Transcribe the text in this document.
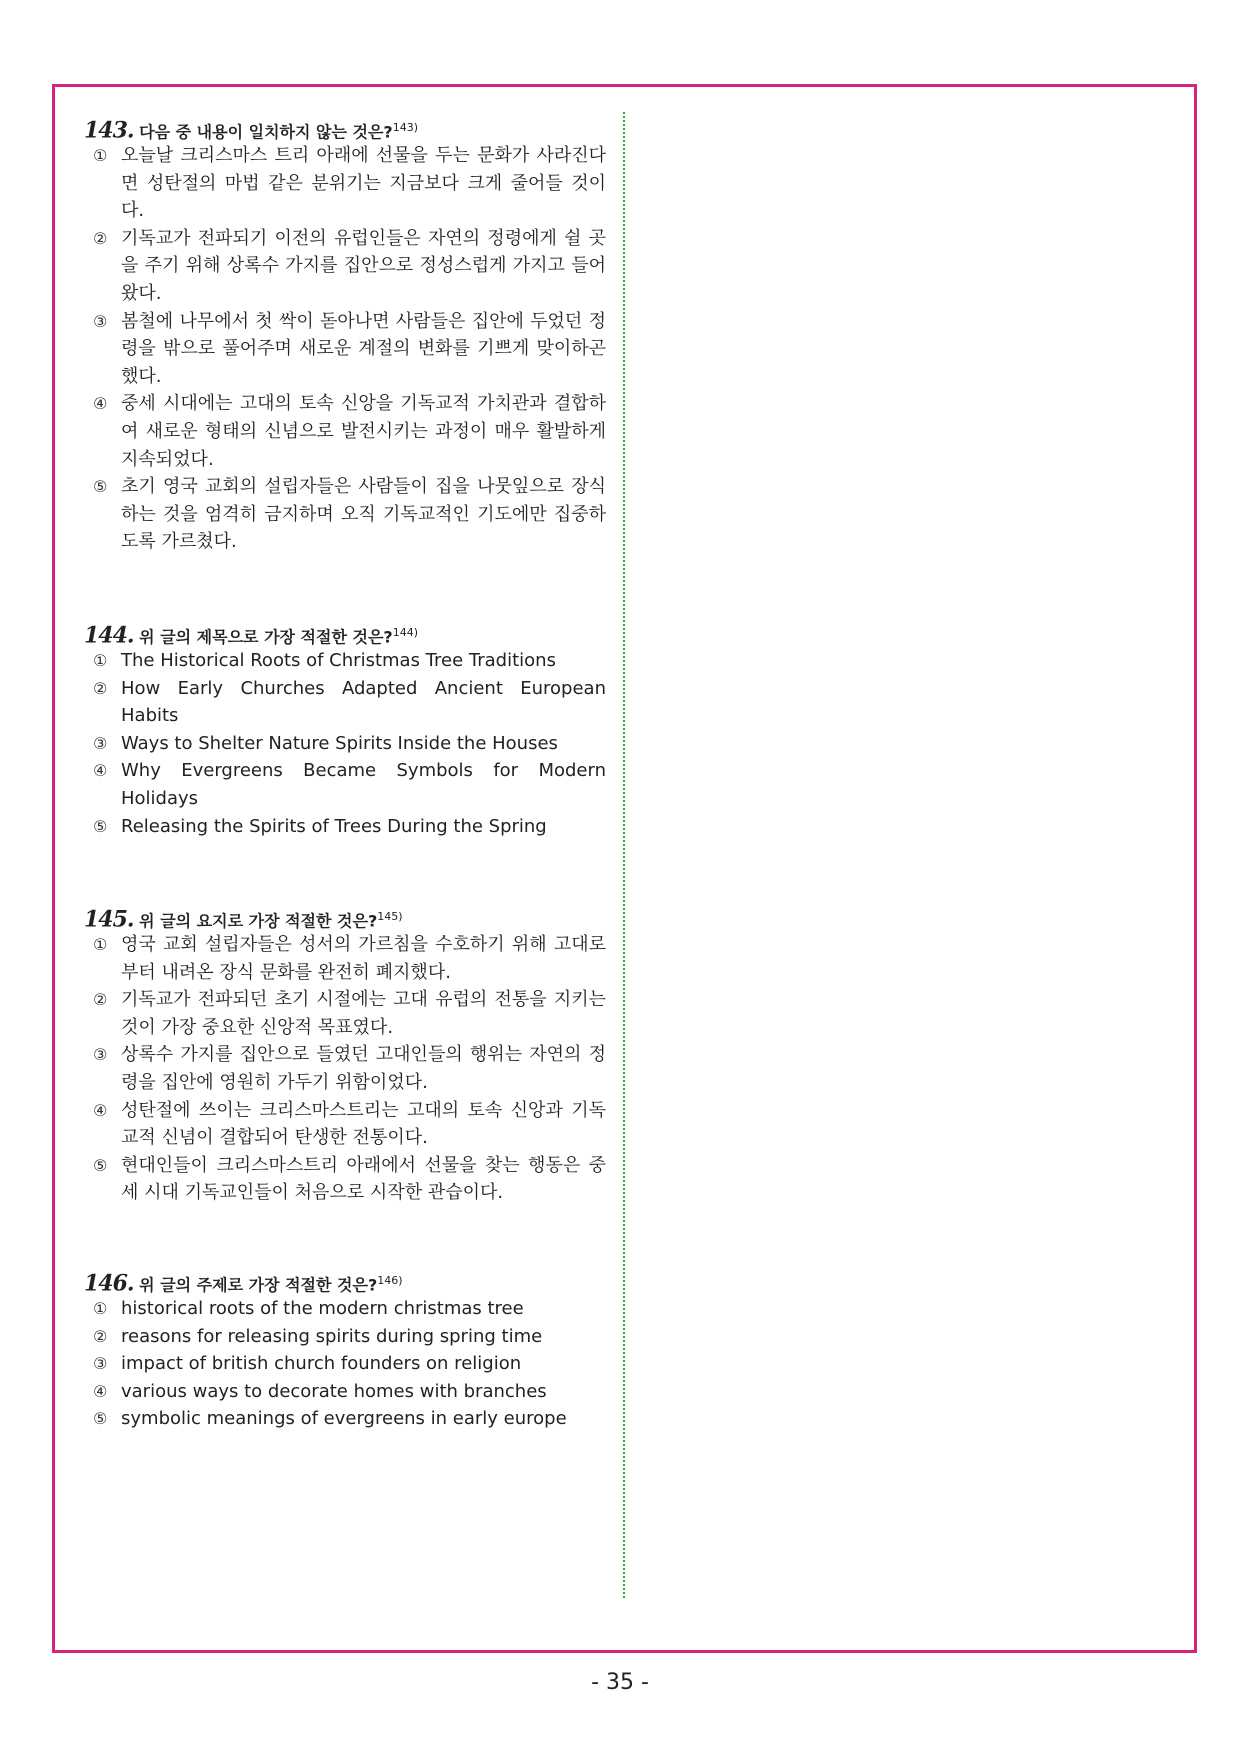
143. 다음 중 내용이 일치하지 않는 것은?$^{143)}$
① 오늘날 크리스마스 트리 아래에 선물을 두는 문화가 사라진다면 성탄절의 마법 같은 분위기는 지금보다 크게 줄어들 것이다.
② 기독교가 전파되기 이전의 유럽인들은 자연의 정령에게 쉴 곳을 주기 위해 상록수 가지를 집안으로 정성스럽게 가지고 들어왔다.
③ 봄철에 나무에서 첫 싹이 돋아나면 사람들은 집안에 두었던 정령을 밖으로 풀어주며 새로운 계절의 변화를 기쁘게 맞이하곤 했다.
④ 중세 시대에는 고대의 토속 신앙을 기독교적 가치관과 결합하여 새로운 형태의 신념으로 발전시키는 과정이 매우 활발하게 지속되었다.
⑤ 초기 영국 교회의 설립자들은 사람들이 집을 나뭇잎으로 장식하는 것을 엄격히 금지하며 오직 기독교적인 기도에만 집중하도록 가르쳤다.
144. 위 글의 제목으로 가장 적절한 것은?$^{144)}$
① The Historical Roots of Christmas Tree Traditions
② How Early Churches Adapted Ancient European Habits
③ Ways to Shelter Nature Spirits Inside the Houses
④ Why Evergreens Became Symbols for Modern Holidays
⑤ Releasing the Spirits of Trees During the Spring
145. 위 글의 요지로 가장 적절한 것은?$^{145)}$
① 영국 교회 설립자들은 성서의 가르침을 수호하기 위해 고대로부터 내려온 장식 문화를 완전히 폐지했다.
② 기독교가 전파되던 초기 시절에는 고대 유럽의 전통을 지키는 것이 가장 중요한 신앙적 목표였다.
③ 상록수 가지를 집안으로 들였던 고대인들의 행위는 자연의 정령을 집안에 영원히 가두기 위함이었다.
④ 성탄절에 쓰이는 크리스마스트리는 고대의 토속 신앙과 기독교적 신념이 결합되어 탄생한 전통이다.
⑤ 현대인들이 크리스마스트리 아래에서 선물을 찾는 행동은 중세 시대 기독교인들이 처음으로 시작한 관습이다.
146. 위 글의 주제로 가장 적절한 것은?$^{146)}$
① historical roots of the modern christmas tree
② reasons for releasing spirits during spring time
③ impact of british church founders on religion
④ various ways to decorate homes with branches
⑤ symbolic meanings of evergreens in early europe
- 35 -
